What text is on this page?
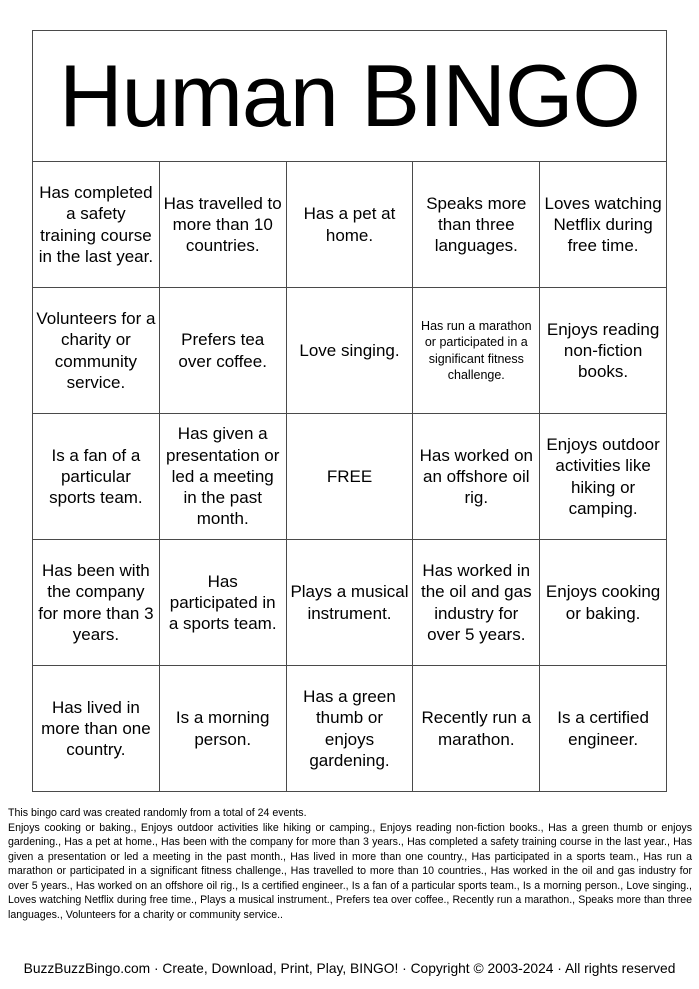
Human BINGO				
Has completed a safety training course in the last year.	Has travelled to more than 10 countries.	Has a pet at home.	Speaks more than three languages.	Loves watching Netflix during free time.
Volunteers for a charity or community service.	Prefers tea over coffee.	Love singing.	Has run a marathon or participated in a significant fitness challenge.	Enjoys reading non-fiction books.
Is a fan of a particular sports team.	Has given a presentation or led a meeting in the past month.	FREE	Has worked on an offshore oil rig.	Enjoys outdoor activities like hiking or camping.
Has been with the company for more than 3 years.	Has participated in a sports team.	Plays a musical instrument.	Has worked in the oil and gas industry for over 5 years.	Enjoys cooking or baking.
Has lived in more than one country.	Is a morning person.	Has a green thumb or enjoys gardening.	Recently run a marathon.	Is a certified engineer.
This bingo card was created randomly from a total of 24 events.
Enjoys cooking or baking., Enjoys outdoor activities like hiking or camping., Enjoys reading non-fiction books., Has a green thumb or enjoys gardening., Has a pet at home., Has been with the company for more than 3 years., Has completed a safety training course in the last year., Has given a presentation or led a meeting in the past month., Has lived in more than one country., Has participated in a sports team., Has run a marathon or participated in a significant fitness challenge., Has travelled to more than 10 countries., Has worked in the oil and gas industry for over 5 years., Has worked on an offshore oil rig., Is a certified engineer., Is a fan of a particular sports team., Is a morning person., Love singing., Loves watching Netflix during free time., Plays a musical instrument., Prefers tea over coffee., Recently run a marathon., Speaks more than three languages., Volunteers for a charity or community service..
BuzzBuzzBingo.com · Create, Download, Print, Play, BINGO! · Copyright © 2003-2024 · All rights reserved
